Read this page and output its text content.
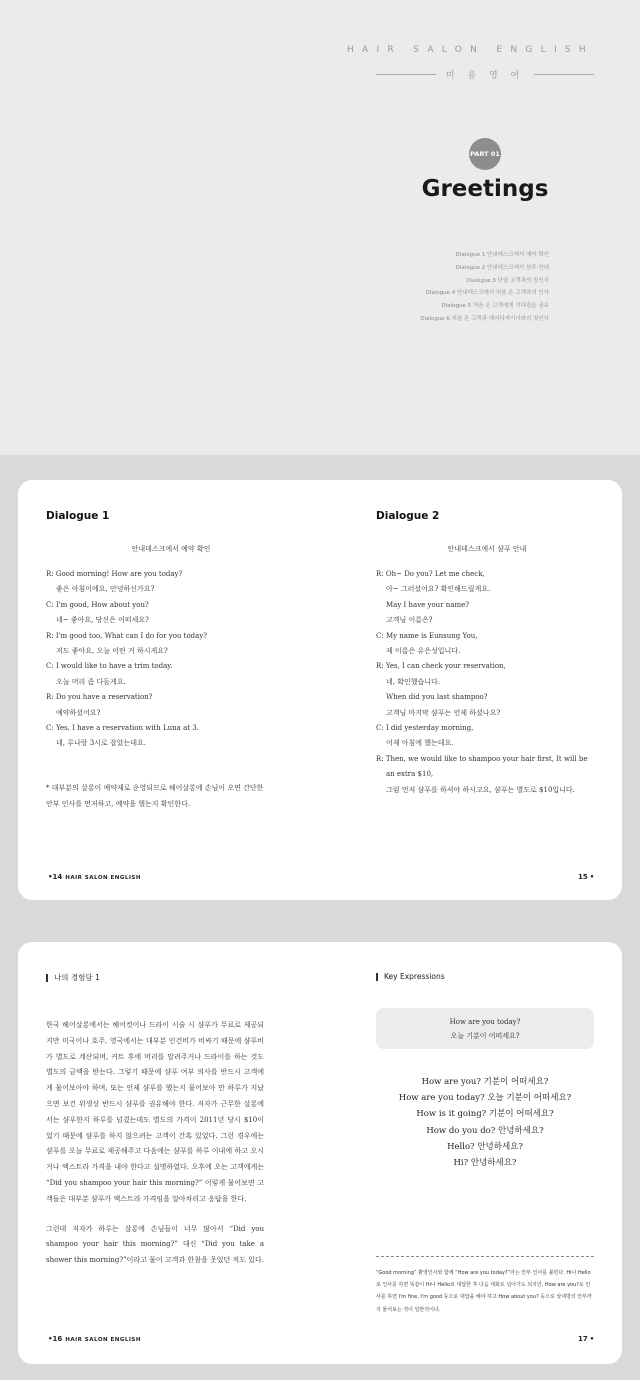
HAIR SALON ENGLISH
미 용 영 어
PART 01
Greetings
Dialogue 1 안내데스크에서 예약 확인
Dialogue 2 안내데스크에서 샴푸 안내
Dialogue 3 단골 고객과의 첫인사
Dialogue 4 안내데스크에서 처음 온 고객과의 인사
Dialogue 5 처음 온 고객에게 기다림을 권유
Dialogue 6 처음 온 고객과 헤어디자이너와의 첫인사
Dialogue 1

안내데스크에서 예약 확인

R: Good morning! How are you today?
좋은 아침이에요, 안녕하신가요?
C: I'm good, How about you?
네~ 좋아요, 당신은 어떠세요?
R: I'm good too, What can I do for you today?
저도 좋아요, 오늘 어떤 거 하시게요?
C: I would like to have a trim today.
오늘 머리 좀 다듬게요.
R: Do you have a reservation?
예약하셨어요?
C: Yes, I have a reservation with Luna at 3.
네, 루나랑 3시로 잡았는데요.

* 대부분의 살롱이 예약제로 운영되므로 헤어살롱에 손님이 오면 간단한 안부 인사를 먼저하고, 예약을 했는지 확인한다.

•14 HAIR SALON ENGLISH
Dialogue 2

안내데스크에서 샴푸 안내

R: Oh~ Do you? Let me check,
아~ 그러셨어요? 확인해드릴게요.
May I have your name?
고객님 이름은?
C: My name is Eunsung You,
제 이름은 유은성입니다.
R: Yes, I can check your reservation,
네, 확인했습니다.
When did you last shampoo?
고객님 마지막 샴푸는 언제 하셨나요?
C: I did yesterday morning,
어제 아침에 했는데요.
R: Then, we would like to shampoo your hair first, It will be an extra $10,
그럼 먼저 샴푸를 하셔야 하시고요, 샴푸는 별도로 $10입니다.
15 •
나의 경험담 1

한국 헤어살롱에서는 헤어컷이나 드라이 시술 시 샴푸가 무료로 제공되지만 미국이나 호주, 영국에서는 대부분 인건비가 비싸기 때문에 샴푸비가 별도로 계산되며, 커트 후에 머리를 말려주거나 드라이를 하는 것도 별도의 금액을 받는다. 그렇기 때문에 샴푸 여부 의사를 반드시 고객에게 물어보아야 하며, 또는 언제 샴푸를 했는지 물어보아 만 하루가 지났으면 보건 위생상 반드시 샴푸를 권유해야 한다. 저자가 근무한 살롱에서는 샴푸한지 하루를 넘겼는데도 별도의 가격이 2011년 당시 $10이었기 때문에 샴푸를 하지 않으려는 고객이 간혹 있었다. 그런 경우에는 샴푸를 오늘 무료로 제공해주고 다음에는 샴푸를 하루 이내에 하고 오시거나 엑스트라 가격을 내야 한다고 설명하였다. 오후에 오는 고객에게는 “Did you shampoo your hair this morning?” 이렇게 물어보면 고객들은 대부분 샴푸가 엑스트라 가격임을 알아차리고 응답을 한다.

그런데 저자가 하루는 살롱에 손님들이 너무 많아서 “Did you shampoo your hair this morning?” 대신 “Did you take a shower this morning?”이라고 물어 고객과 한참을 웃었던 적도 있다.

•16 HAIR SALON ENGLISH
Key Expressions

How are you today?

오늘 기분이 어떠세요?

How are you? 기분이 어떠세요?
How are you today? 오늘 기분이 어떠세요?
How is it going? 기분이 어떠세요?
How do you do? 안녕하세요?
Hello? 안녕하세요?
Hi? 안녕하세요?

“Good morning” 환영인사와 함께 “How are you today?”라는 안부 인사를 붙힌다. Hi나 Hello로 인사를 하면 똑같이 Hi나 Hello로 대답한 후 다음 대화로 넘어가도 되지만, How are you?로 인사를 하면 I'm fine, I'm good 등으로 대답을 해야 하고 How about you? 등으로 상대방의 안부까지 물어보는 것이 일반적이다.

17 •
